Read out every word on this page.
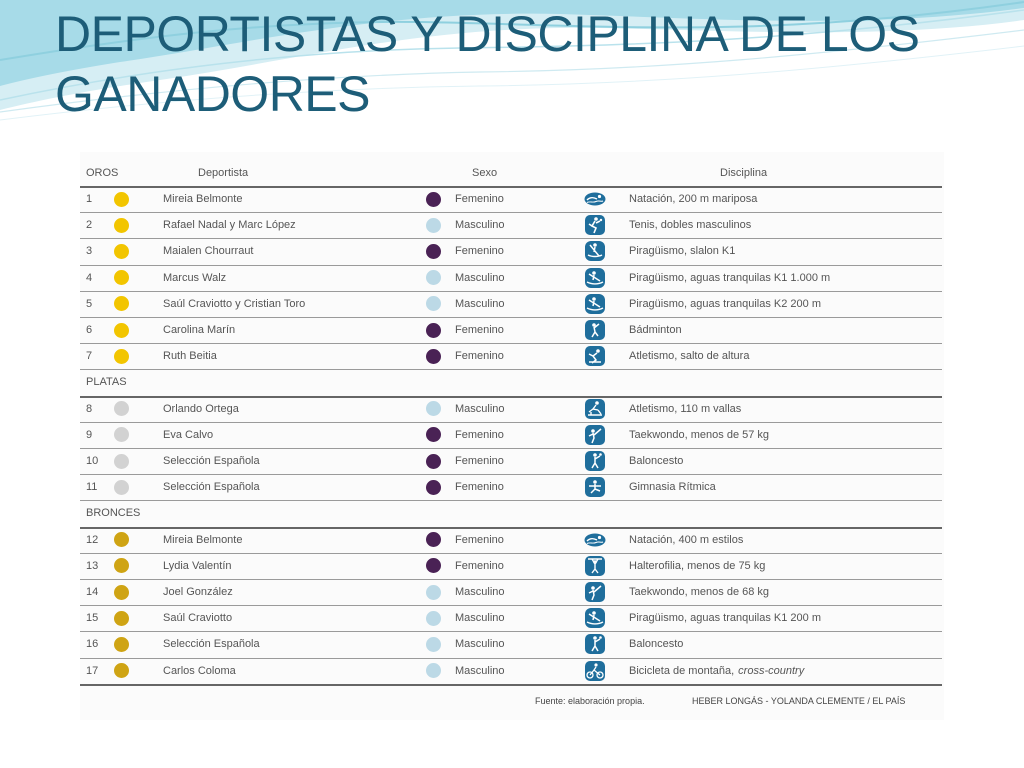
DEPORTISTAS Y DISCIPLINA DE LOS
GANADORES
OROS	Deportista	Sexo	Disciplina
1	Mireia Belmonte	Femenino	Natación, 200 m mariposa
2	Rafael Nadal y Marc López	Masculino	Tenis, dobles masculinos
3	Maialen Chourraut	Femenino	Piragüismo, slalon K1
4	Marcus Walz	Masculino	Piragüismo, aguas tranquilas K1 1.000 m
5	Saúl Craviotto y Cristian Toro	Masculino	Piragüismo, aguas tranquilas K2 200 m
6	Carolina Marín	Femenino	Bádminton
7	Ruth Beitia	Femenino	Atletismo, salto de altura
PLATAS
8	Orlando Ortega	Masculino	Atletismo, 110 m vallas
9	Eva Calvo	Femenino	Taekwondo, menos de 57 kg
10	Selección Española	Femenino	Baloncesto
11	Selección Española	Femenino	Gimnasia Rítmica
BRONCES
12	Mireia Belmonte	Femenino	Natación, 400 m estilos
13	Lydia Valentín	Femenino	Halterofilia, menos de 75 kg
14	Joel González	Masculino	Taekwondo, menos de 68 kg
15	Saúl Craviotto	Masculino	Piragüismo, aguas tranquilas K1 200 m
16	Selección Española	Masculino	Baloncesto
17	Carlos Coloma	Masculino	Bicicleta de montaña, cross-country
Fuente: elaboración propia.	HEBER LONGÁS - YOLANDA CLEMENTE / EL PAÍS
